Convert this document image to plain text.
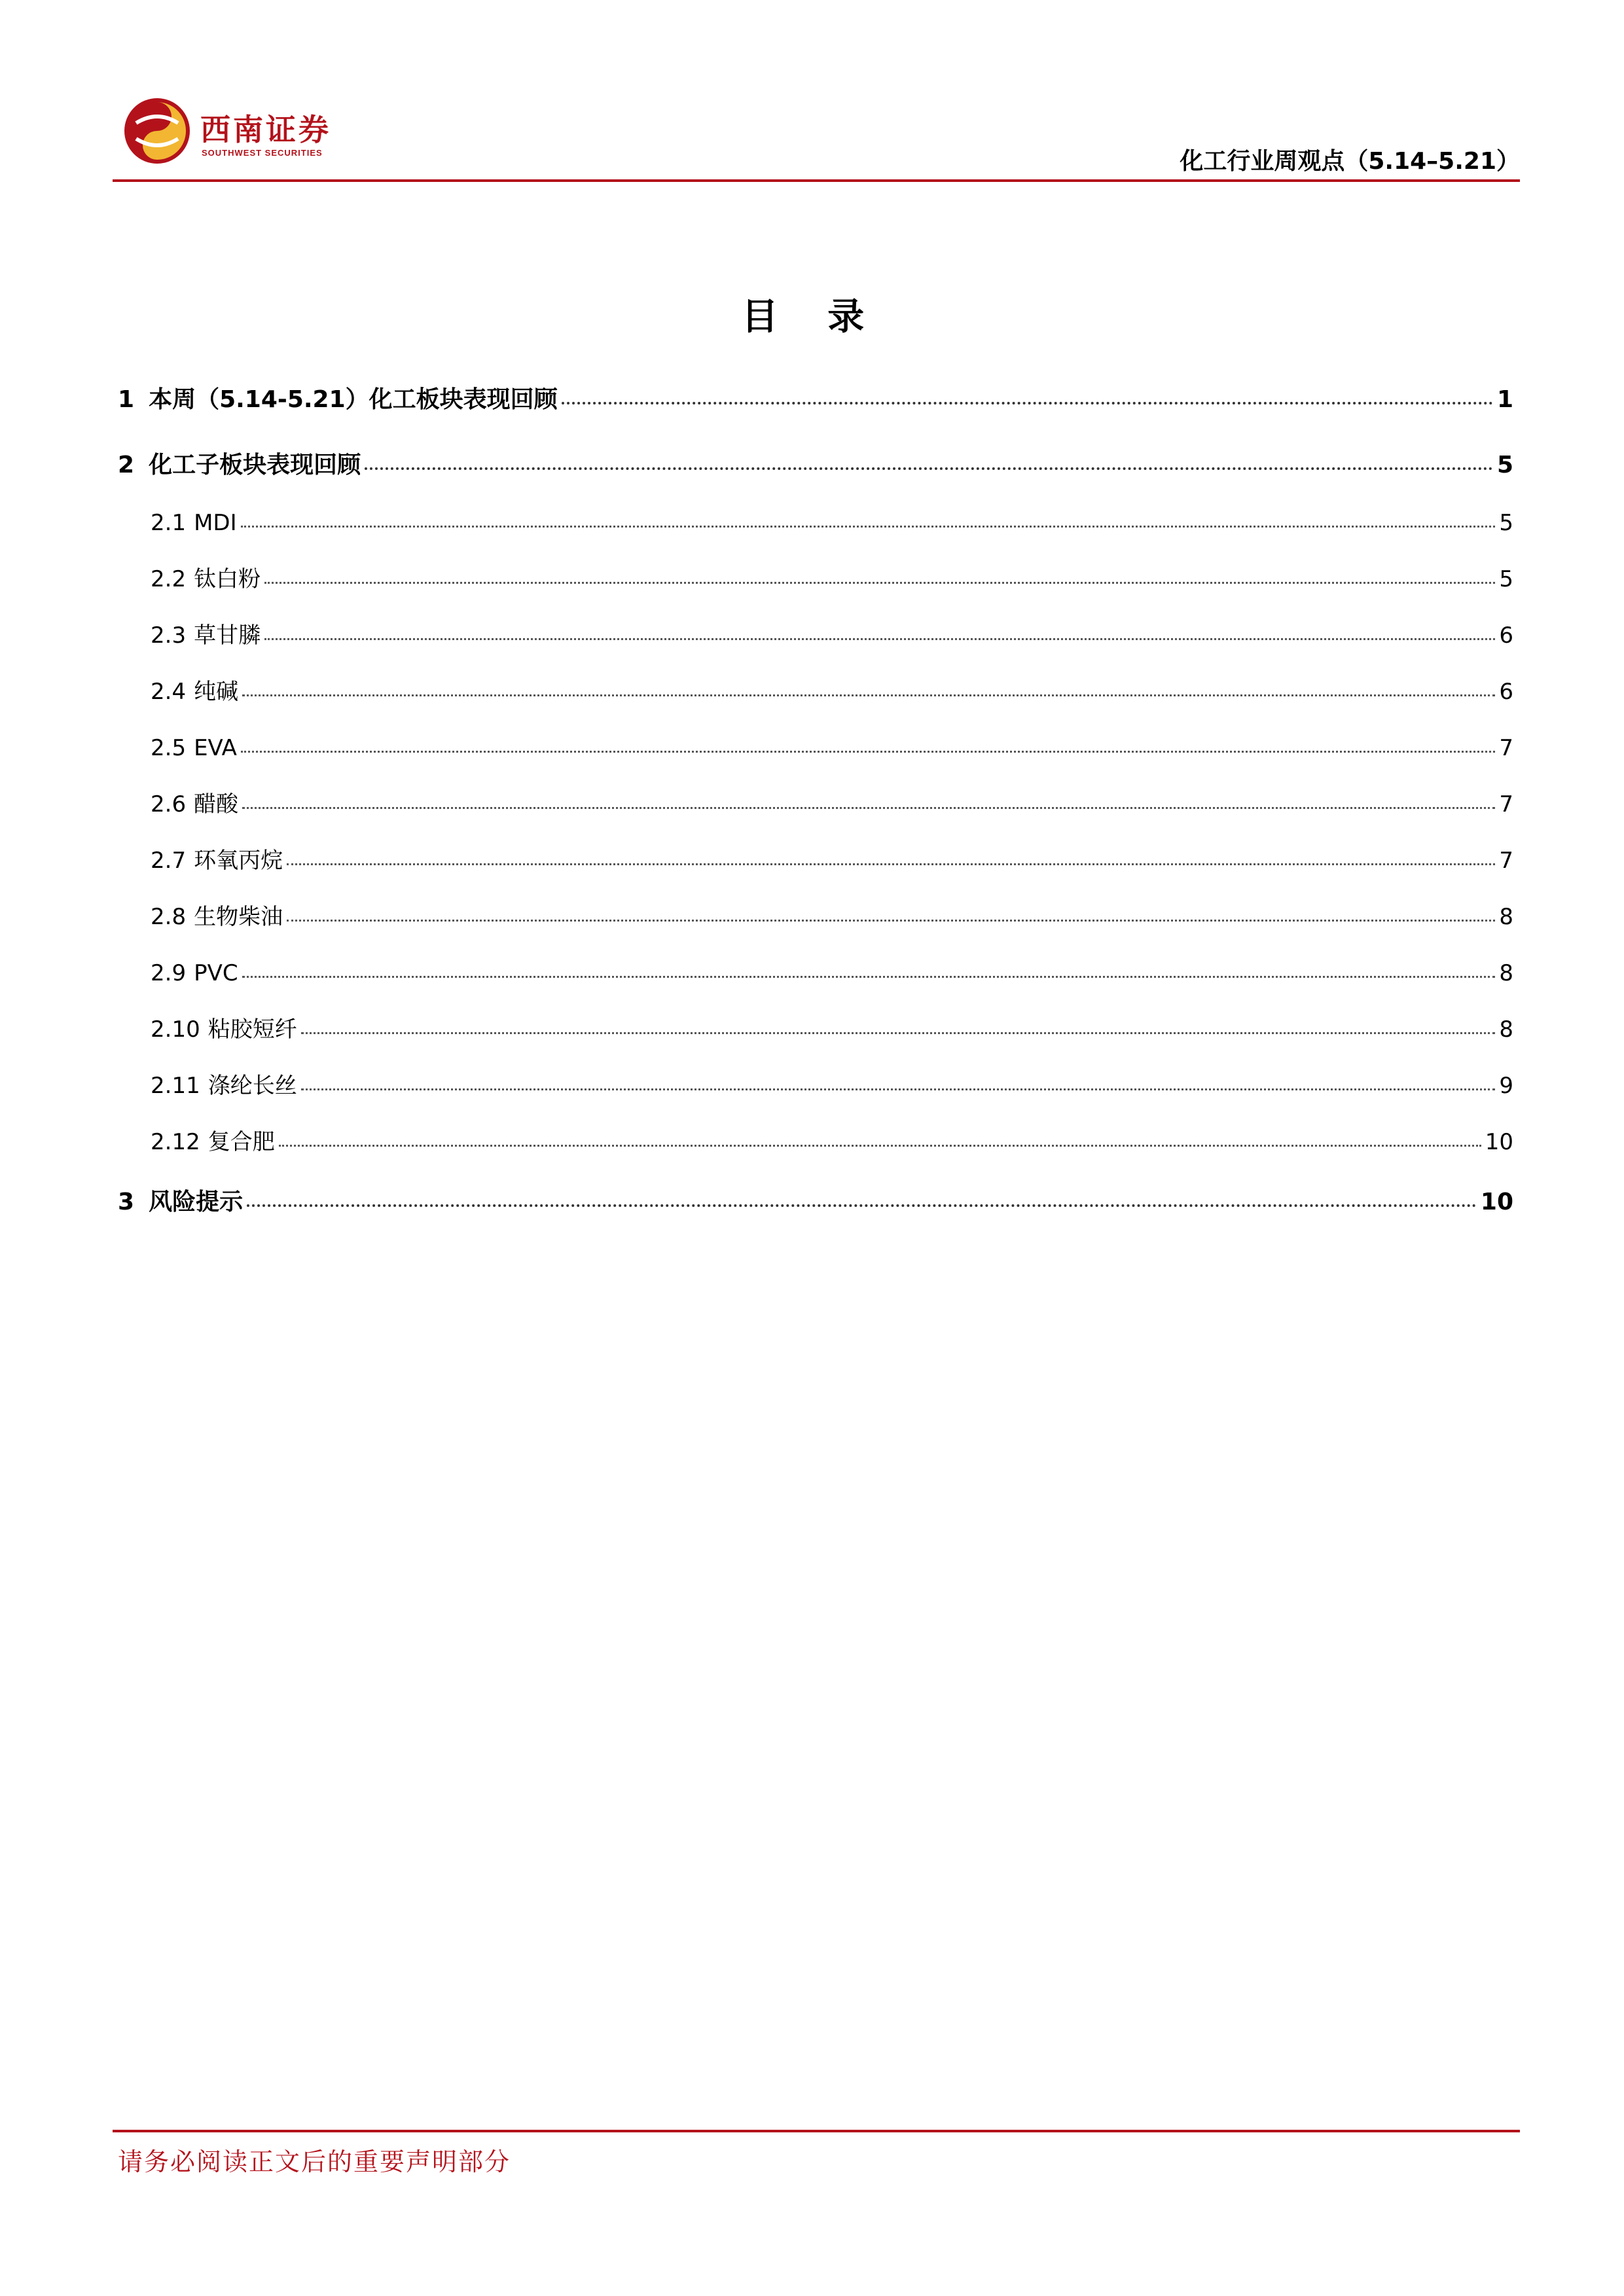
西南证券
SOUTHWEST SECURITIES	化工行业周观点（5.14–5.21）
目 录
1 本周（5.14-5.21）化工板块表现回顾	1
2 化工子板块表现回顾	5
2.1 MDI	5
2.2 钛白粉	5
2.3 草甘膦	6
2.4 纯碱	6
2.5 EVA	7
2.6 醋酸	7
2.7 环氧丙烷	7
2.8 生物柴油	8
2.9 PVC	8
2.10 粘胶短纤	8
2.11 涤纶长丝	9
2.12 复合肥	10
3 风险提示	10
请务必阅读正文后的重要声明部分
